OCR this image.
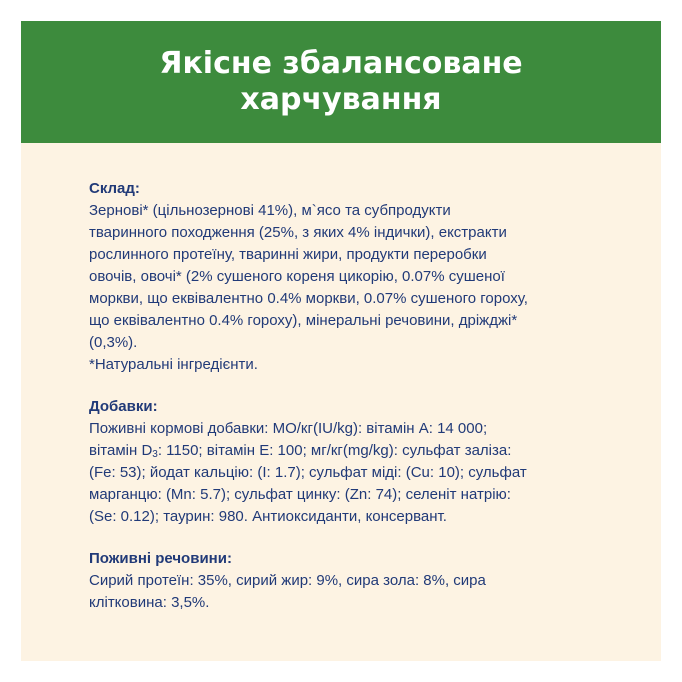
Якісне збалансоване
харчування

Склад:

Зернові* (цільнозернові 41%), м`ясо та субпродукти
тваринного походження (25%, з яких 4% індички), екстракти
рослинного протеїну, тваринні жири, продукти переробки
овочів, овочі* (2% сушеного кореня цикорію, 0.07% сушеної
моркви, що еквівалентно 0.4% моркви, 0.07% сушеного гороху,
що еквівалентно 0.4% гороху), мінеральні речовини, дріжджі*
(0,3%).
*Натуральні інгредієнти.

Добавки:

Поживні кормові добавки: МО/кг(IU/kg): вітамін А: 14 000;
вітамін $D_3$: 1150; вітамін Е: 100; мг/кг(mg/kg): сульфат заліза:
(Fe: 53); йодат кальцію: (I: 1.7); сульфат міді: (Cu: 10); сульфат
марганцю: (Mn: 5.7); сульфат цинку: (Zn: 74); селеніт натрію:
(Se: 0.12); таурин: 980. Антиоксиданти, консервант.

Поживні речовини:

Сирий протеїн: 35%, сирий жир: 9%, сира зола: 8%, сира
клітковина: 3,5%.
